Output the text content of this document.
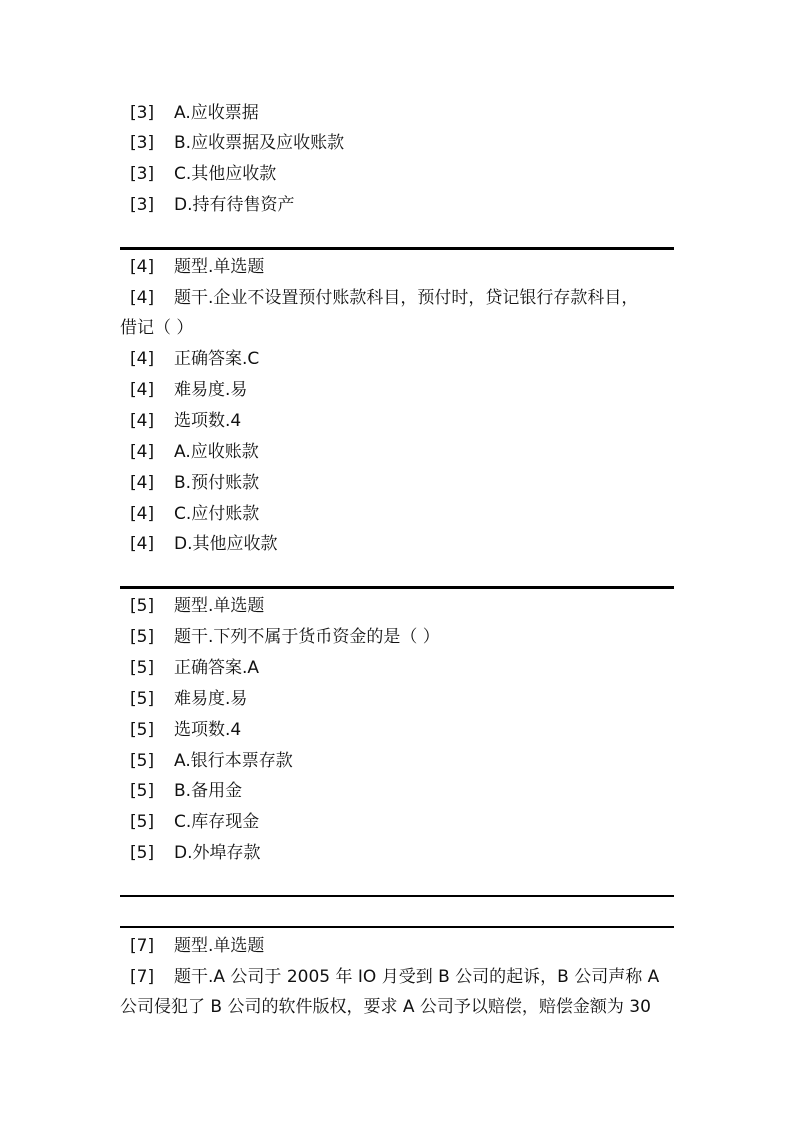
[3] A.应收票据
[3] B.应收票据及应收账款
[3] C.其他应收款
[3] D.持有待售资产
[4] 题型.单选题
[4] 题干.企业不设置预付账款科目，预付时，贷记银行存款科目，
借记（ ）
[4] 正确答案.C
[4] 难易度.易
[4] 选项数.4
[4] A.应收账款
[4] B.预付账款
[4] C.应付账款
[4] D.其他应收款
[5] 题型.单选题
[5] 题干.下列不属于货币资金的是（ ）
[5] 正确答案.A
[5] 难易度.易
[5] 选项数.4
[5] A.银行本票存款
[5] B.备用金
[5] C.库存现金
[5] D.外埠存款
[7] 题型.单选题
[7] 题干.A 公司于 2005 年 IO 月受到 B 公司的起诉，B 公司声称 A
公司侵犯了 B 公司的软件版权，要求 A 公司予以赔偿，赔偿金额为 30
